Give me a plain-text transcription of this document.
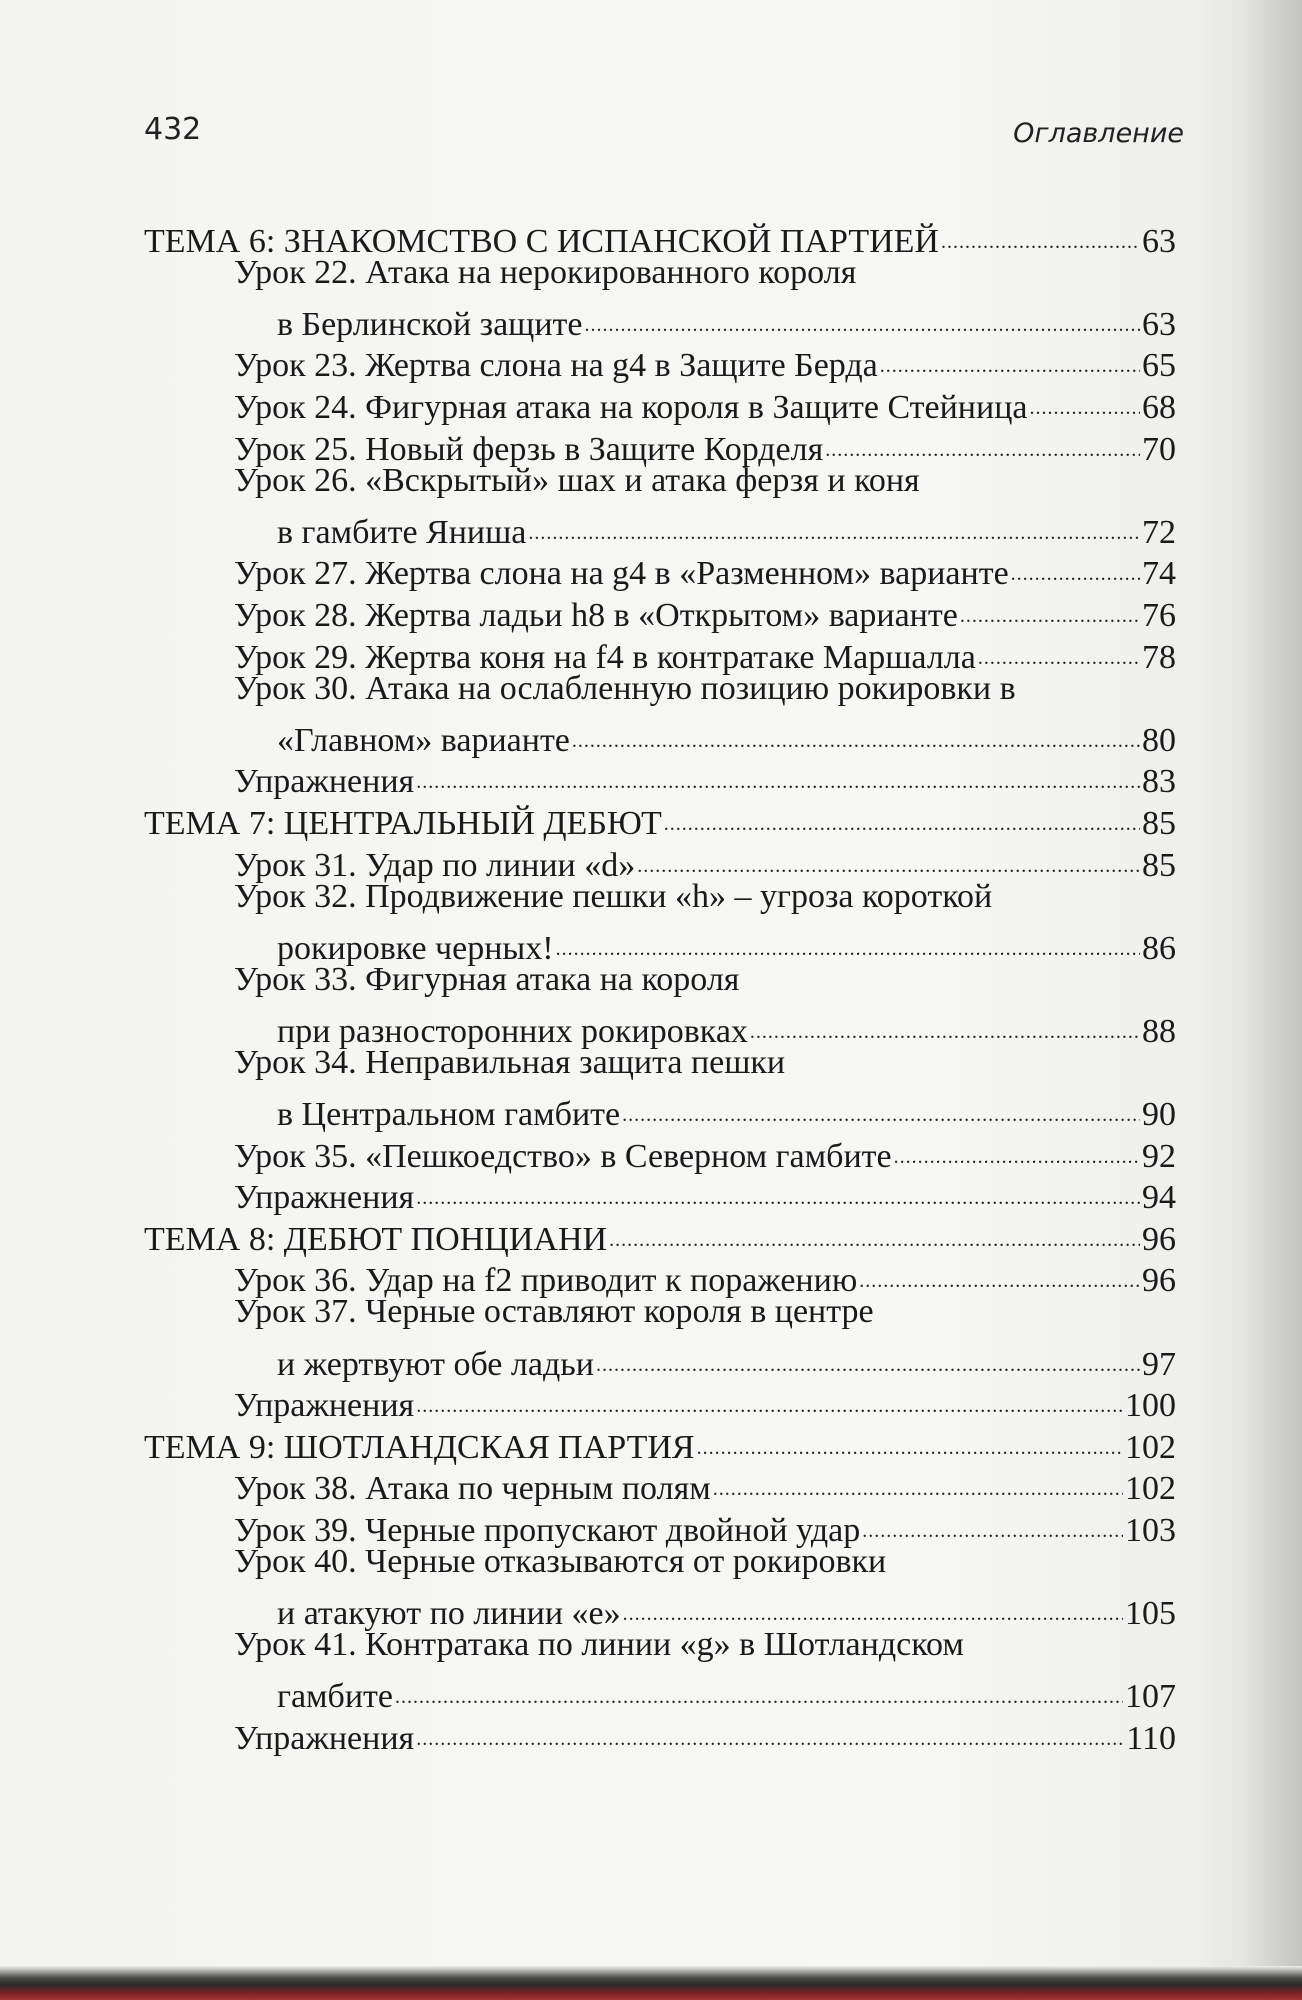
432	Оглавление
ТЕМА 6: ЗНАКОМСТВО С ИСПАНСКОЙ ПАРТИЕЙ .....	63
Урок 22. Атака на нерокированного короля
в Берлинской защите .....	63
Урок 23. Жертва слона на g4 в Защите Берда .....	65
Урок 24. Фигурная атака на короля в Защите Стейница .....	68
Урок 25. Новый ферзь в Защите Корделя .....	70
Урок 26. «Вскрытый» шах и атака ферзя и коня
в гамбите Яниша .....	72
Урок 27. Жертва слона на g4 в «Разменном» варианте .....	74
Урок 28. Жертва ладьи h8 в «Открытом» варианте .....	76
Урок 29. Жертва коня на f4 в контратаке Маршалла .....	78
Урок 30. Атака на ослабленную позицию рокировки в
«Главном» варианте .....	80
Упражнения .....	83
ТЕМА 7: ЦЕНТРАЛЬНЫЙ ДЕБЮТ .....	85
Урок 31. Удар по линии «d» .....	85
Урок 32. Продвижение пешки «h» – угроза короткой
рокировке черных! .....	86
Урок 33. Фигурная атака на короля
при разносторонних рокировках .....	88
Урок 34. Неправильная защита пешки
в Центральном гамбите .....	90
Урок 35. «Пешкоедство» в Северном гамбите .....	92
Упражнения .....	94
ТЕМА 8: ДЕБЮТ ПОНЦИАНИ .....	96
Урок 36. Удар на f2 приводит к поражению .....	96
Урок 37. Черные оставляют короля в центре
и жертвуют обе ладьи .....	97
Упражнения .....	100
ТЕМА 9: ШОТЛАНДСКАЯ ПАРТИЯ .....	102
Урок 38. Атака по черным полям .....	102
Урок 39. Черные пропускают двойной удар .....	103
Урок 40. Черные отказываются от рокировки
и атакуют по линии «е» .....	105
Урок 41. Контратака по линии «g» в Шотландском
гамбите .....	107
Упражнения .....	110
